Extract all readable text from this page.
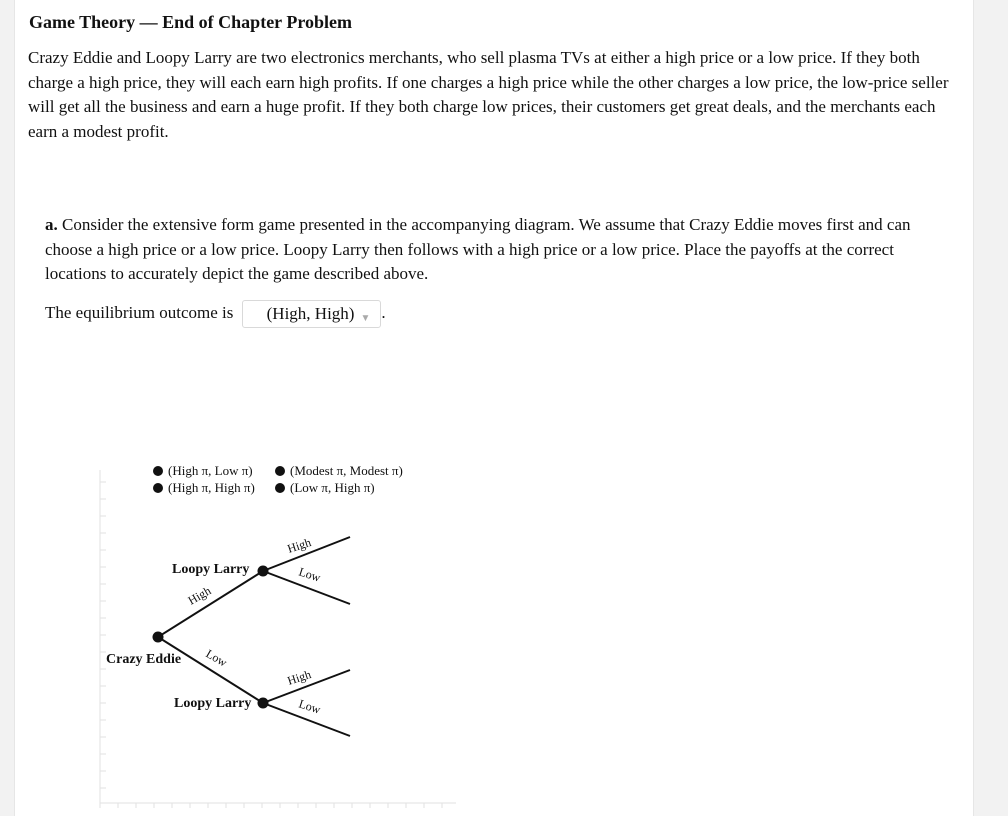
Game Theory — End of Chapter Problem

Crazy Eddie and Loopy Larry are two electronics merchants, who sell plasma TVs at either a high price or a low price. If they both charge a high price, they will each earn high profits. If one charges a high price while the other charges a low price, the low-price seller will get all the business and earn a huge profit. If they both charge low prices, their customers get great deals, and the merchants each earn a modest profit.

a. Consider the extensive form game presented in the accompanying diagram. We assume that Crazy Eddie moves first and can choose a high price or a low price. Loopy Larry then follows with a high price or a low price. Place the payoffs at the correct locations to accurately depict the game described above.

The equilibrium outcome is (High, High) ▼ .
(High π, Low π)	(Modest π, Modest π)
(High π, High π)	(Low π, High π)
Crazy Eddie
Loopy Larry
Loopy Larry
High
Low
High
Low
High
Low
